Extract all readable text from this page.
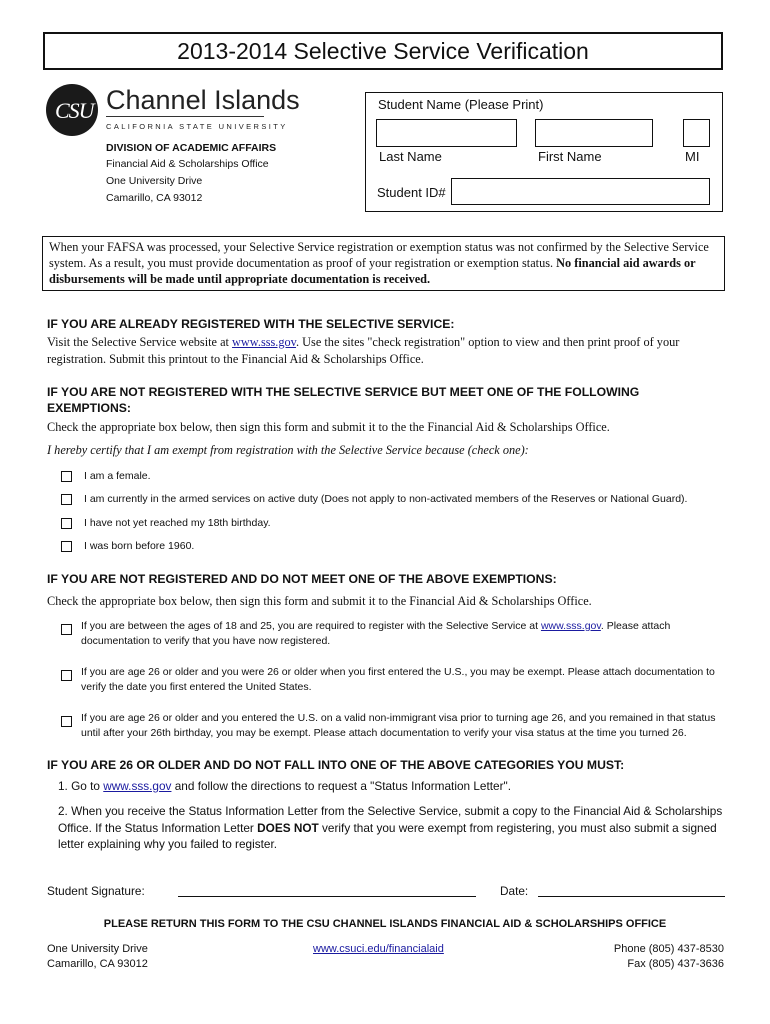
2013-2014 Selective Service Verification
CSU Channel Islands
CALIFORNIA STATE UNIVERSITY
DIVISION OF ACADEMIC AFFAIRS
Financial Aid & Scholarships Office
One University Drive
Camarillo, CA 93012
Student Name (Please Print)
Last Name	First Name	MI
Student ID#
When your FAFSA was processed, your Selective Service registration or exemption status was not confirmed by the Selective Service system. As a result, you must provide documentation as proof of your registration or exemption status. No financial aid awards or disbursements will be made until appropriate documentation is received.
IF YOU ARE ALREADY REGISTERED WITH THE SELECTIVE SERVICE:
Visit the Selective Service website at www.sss.gov. Use the sites "check registration" option to view and then print proof of your registration. Submit this printout to the Financial Aid & Scholarships Office.
IF YOU ARE NOT REGISTERED WITH THE SELECTIVE SERVICE BUT MEET ONE OF THE FOLLOWING EXEMPTIONS:
Check the appropriate box below, then sign this form and submit it to the the Financial Aid & Scholarships Office.
I hereby certify that I am exempt from registration with the Selective Service because (check one):
I am a female.
I am currently in the armed services on active duty (Does not apply to non-activated members of the Reserves or National Guard).
I have not yet reached my 18th birthday.
I was born before 1960.
IF YOU ARE NOT REGISTERED AND DO NOT MEET ONE OF THE ABOVE EXEMPTIONS:
Check the appropriate box below, then sign this form and submit it to the Financial Aid & Scholarships Office.
If you are between the ages of 18 and 25, you are required to register with the Selective Service at www.sss.gov. Please attach documentation to verify that you have now registered.
If you are age 26 or older and you were 26 or older when you first entered the U.S., you may be exempt. Please attach documentation to verify the date you first entered the United States.
If you are age 26 or older and you entered the U.S. on a valid non-immigrant visa prior to turning age 26, and you remained in that status until after your 26th birthday, you may be exempt. Please attach documentation to verify your visa status at the time you turned 26.
IF YOU ARE 26 OR OLDER AND DO NOT FALL INTO ONE OF THE ABOVE CATEGORIES YOU MUST:
1. Go to www.sss.gov and follow the directions to request a "Status Information Letter".
2. When you receive the Status Information Letter from the Selective Service, submit a copy to the Financial Aid & Scholarships Office. If the Status Information Letter DOES NOT verify that you were exempt from registering, you must also submit a signed letter explaining why you failed to register.
Student Signature:	Date:
PLEASE RETURN THIS FORM TO THE CSU CHANNEL ISLANDS FINANCIAL AID & SCHOLARSHIPS OFFICE
One University Drive
Camarillo, CA 93012
www.csuci.edu/financialaid	Phone (805) 437-8530
Fax (805) 437-3636
